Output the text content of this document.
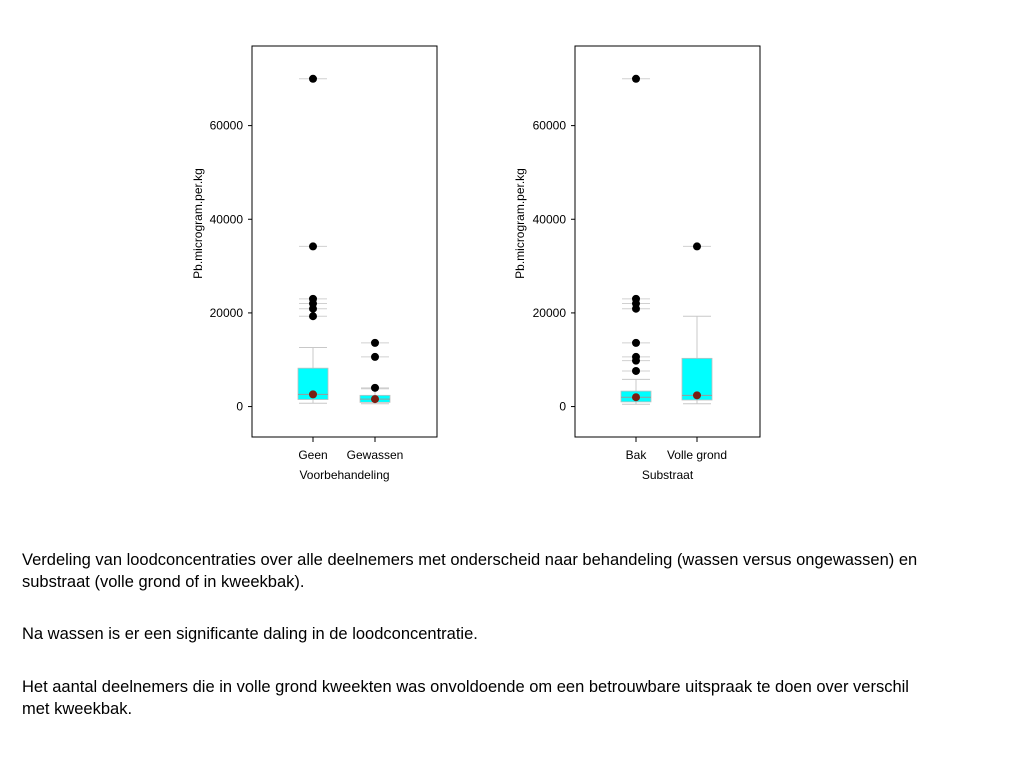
0
20000
40000
60000
Pb.microgram.per.kg
Geen Gewassen
Voorbehandeling
0
20000
40000
60000
Pb.microgram.per.kg
Bak Volle grond
Substraat

Verdeling van loodconcentraties over alle deelnemers met onderscheid naar behandeling (wassen versus ongewassen) en substraat (volle grond of in kweekbak).

Na wassen is er een significante daling in de loodconcentratie.

Het aantal deelnemers die in volle grond kweekten was onvoldoende om een betrouwbare uitspraak te doen over verschil met kweekbak.
